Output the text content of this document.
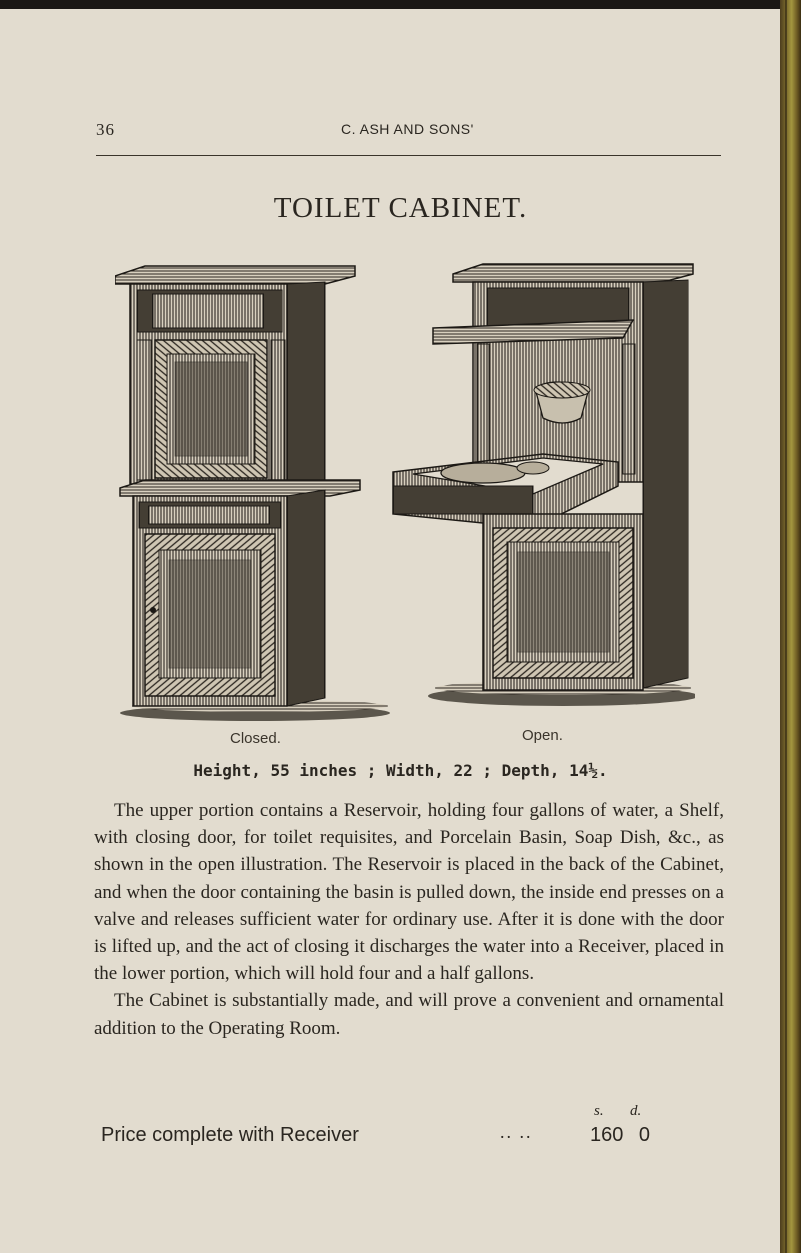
36	C. ASH AND SONS'
TOILET CABINET.
Closed.	Open.
Height, 55 inches ; Width, 22 ; Depth, 14½.

The upper portion contains a Reservoir, holding four gallons of water, a Shelf, with closing door, for toilet requisites, and Porcelain Basin, Soap Dish, &c., as shown in the open illustration. The Reservoir is placed in the back of the Cabinet, and when the door containing the basin is pulled down, the inside end presses on a valve and releases sufficient water for ordinary use. After it is done with the door is lifted up, and the act of closing it discharges the water into a Receiver, placed in the lower portion, which will hold four and a half gallons.

The Cabinet is substantially made, and will prove a convenient and ornamental addition to the Operating Room.

s. d.
Price complete with Receiver	.. ..	160 0
